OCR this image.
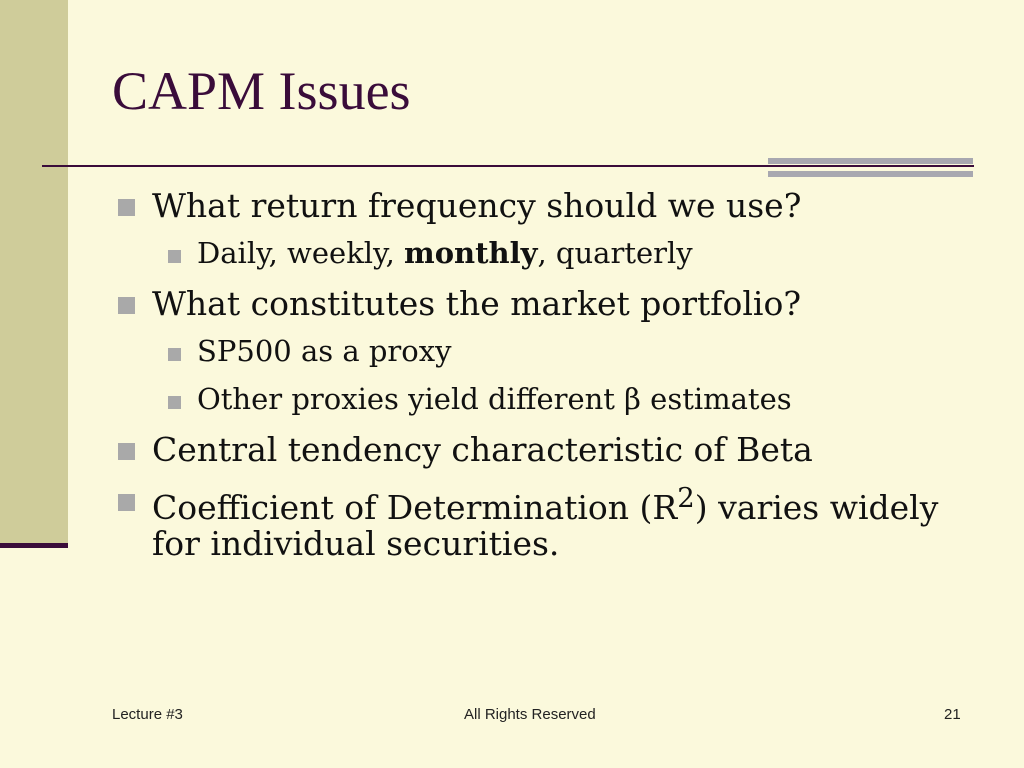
CAPM Issues
What return frequency should we use?
Daily, weekly, monthly, quarterly
What constitutes the market portfolio?
SP500 as a proxy
Other proxies yield different β estimates
Central tendency characteristic of Beta
Coefficient of Determination $(R^2)$ varies widely for individual securities.
Lecture #3	All Rights Reserved	21
